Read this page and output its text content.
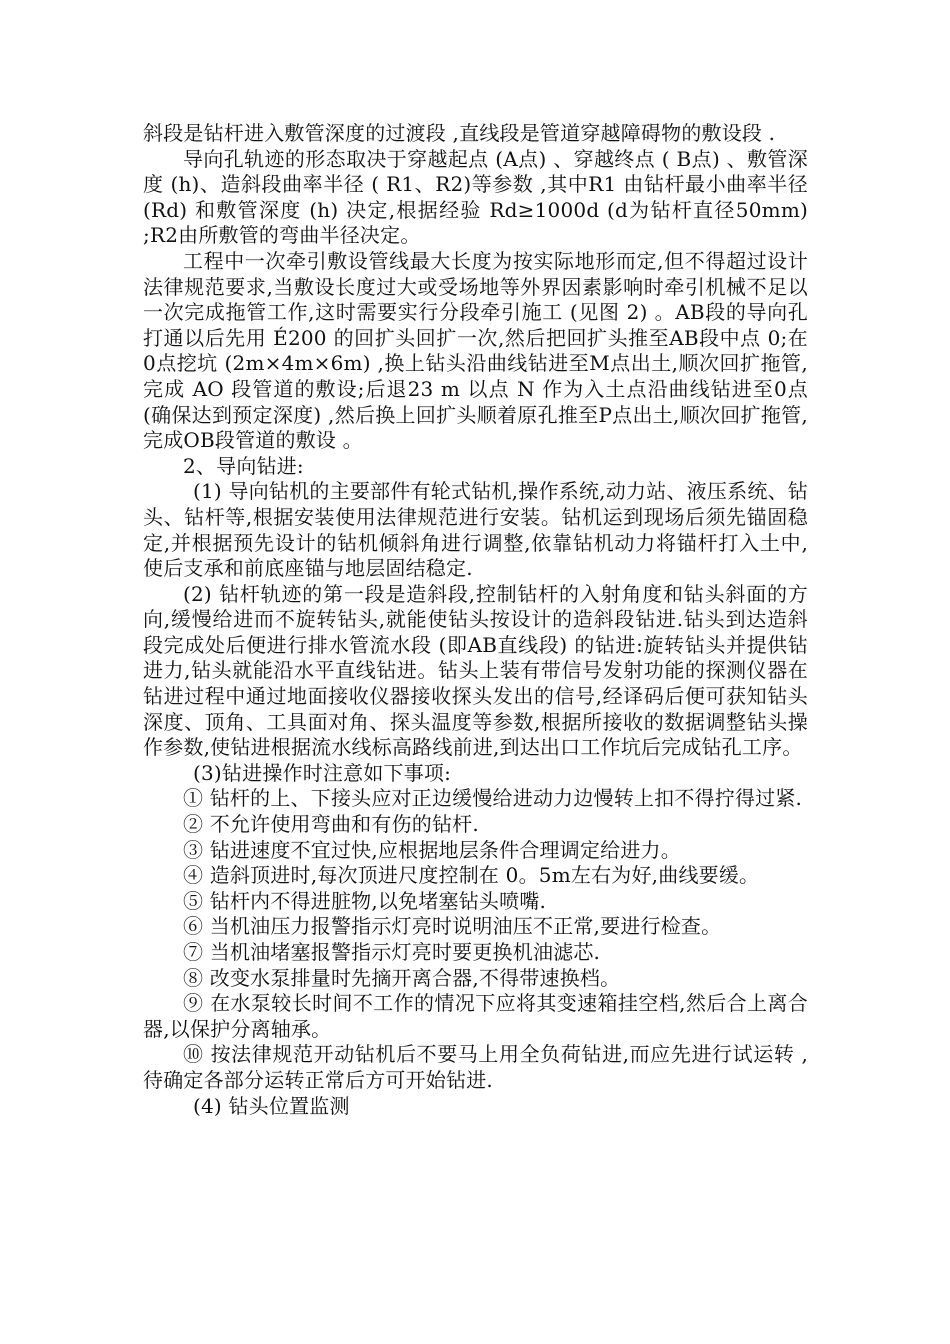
斜段是钻杆进入敷管深度的过渡段 ,直线段是管道穿越障碍物的敷设段 .

导向孔轨迹的形态取决于穿越起点 (A点) 、穿越终点 ( B点) 、敷管深度 (h)、造斜段曲率半径 ( R1、R2)等参数 ,其中R1 由钻杆最小曲率半径 (Rd) 和敷管深度 (h) 决定,根据经验 Rd≥1000d (d为钻杆直径50mm) ;R2由所敷管的弯曲半径决定。

工程中一次牵引敷设管线最大长度为按实际地形而定,但不得超过设计法律规范要求,当敷设长度过大或受场地等外界因素影响时牵引机械不足以一次完成拖管工作,这时需要实行分段牵引施工 (见图 2) 。AB段的导向孔打通以后先用 É200 的回扩头回扩一次,然后把回扩头推至AB段中点 0;在0点挖坑 (2m×4m×6m) ,换上钻头沿曲线钻进至M点出土,顺次回扩拖管,完成 AO 段管道的敷设;后退23 m 以点 N 作为入土点沿曲线钻进至0点 (确保达到预定深度) ,然后换上回扩头顺着原孔推至P点出土,顺次回扩拖管,完成OB段管道的敷设 。

2、导向钻进:

(1) 导向钻机的主要部件有轮式钻机,操作系统,动力站、液压系统、钻头、钻杆等,根据安装使用法律规范进行安装。钻机运到现场后须先锚固稳定,并根据预先设计的钻机倾斜角进行调整,依靠钻机动力将锚杆打入土中,使后支承和前底座锚与地层固结稳定.

(2) 钻杆轨迹的第一段是造斜段,控制钻杆的入射角度和钻头斜面的方向,缓慢给进而不旋转钻头,就能使钻头按设计的造斜段钻进.钻头到达造斜段完成处后便进行排水管流水段 (即AB直线段) 的钻进:旋转钻头并提供钻进力,钻头就能沿水平直线钻进。钻头上装有带信号发射功能的探测仪器在钻进过程中通过地面接收仪器接收探头发出的信号,经译码后便可获知钻头深度、顶角、工具面对角、探头温度等参数,根据所接收的数据调整钻头操作参数,使钻进根据流水线标高路线前进,到达出口工作坑后完成钻孔工序。

(3)钻进操作时注意如下事项:

① 钻杆的上、下接头应对正边缓慢给进动力边慢转上扣不得拧得过紧.

② 不允许使用弯曲和有伤的钻杆.

③ 钻进速度不宜过快,应根据地层条件合理调定给进力。

④ 造斜顶进时,每次顶进尺度控制在 0。5m左右为好,曲线要缓。

⑤ 钻杆内不得进脏物,以免堵塞钻头喷嘴.

⑥ 当机油压力报警指示灯亮时说明油压不正常,要进行检查。

⑦ 当机油堵塞报警指示灯亮时要更换机油滤芯.

⑧ 改变水泵排量时先摘开离合器,不得带速换档。

⑨ 在水泵较长时间不工作的情况下应将其变速箱挂空档,然后合上离合器,以保护分离轴承。

⑩ 按法律规范开动钻机后不要马上用全负荷钻进,而应先进行试运转 ,待确定各部分运转正常后方可开始钻进.

(4) 钻头位置监测
